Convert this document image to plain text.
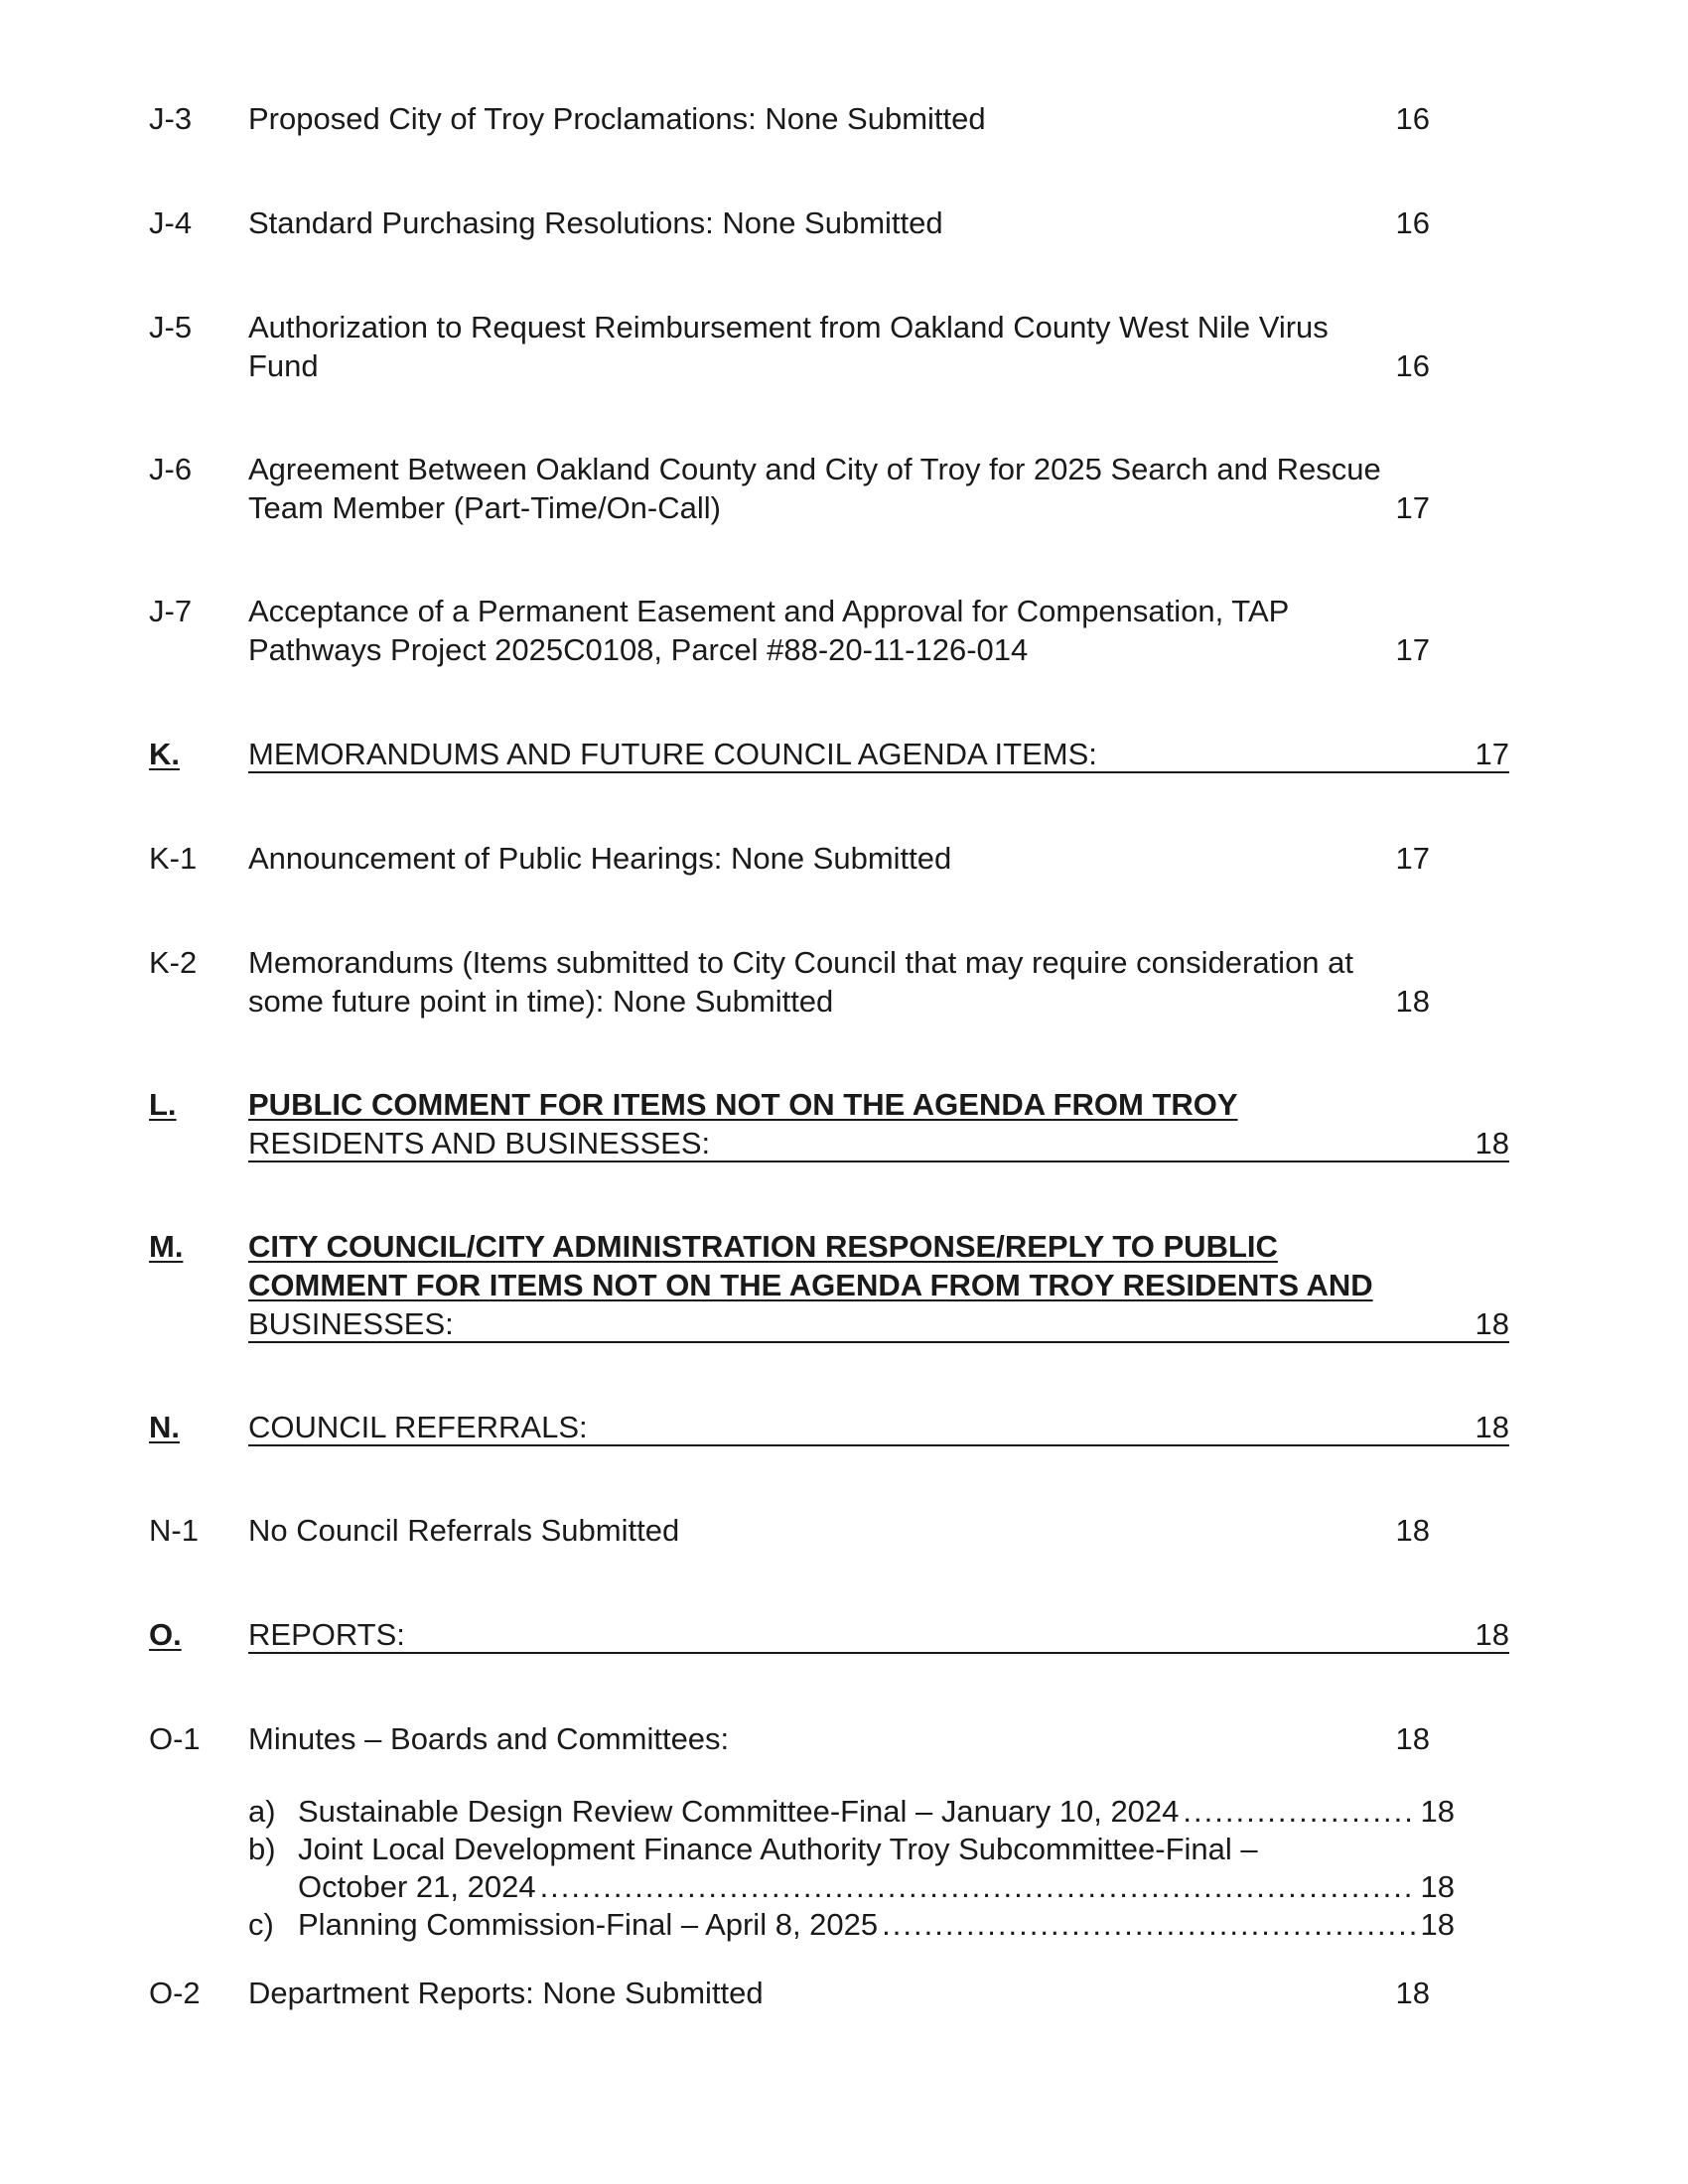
J-3 Proposed City of Troy Proclamations: None Submitted	16
J-4 Standard Purchasing Resolutions: None Submitted	16
J-5 Authorization to Request Reimbursement from Oakland County West Nile Virus
Fund	16
J-6 Agreement Between Oakland County and City of Troy for 2025 Search and Rescue
Team Member (Part-Time/On-Call)	17
J-7 Acceptance of a Permanent Easement and Approval for Compensation, TAP
Pathways Project 2025C0108, Parcel #88-20-11-126-014	17
K. MEMORANDUMS AND FUTURE COUNCIL AGENDA ITEMS:	17
K-1 Announcement of Public Hearings: None Submitted	17
K-2 Memorandums (Items submitted to City Council that may require consideration at
some future point in time): None Submitted	18
L. PUBLIC COMMENT FOR ITEMS NOT ON THE AGENDA FROM TROY
RESIDENTS AND BUSINESSES:	18
M. CITY COUNCIL/CITY ADMINISTRATION RESPONSE/REPLY TO PUBLIC
COMMENT FOR ITEMS NOT ON THE AGENDA FROM TROY RESIDENTS AND
BUSINESSES:	18
N. COUNCIL REFERRALS:	18
N-1 No Council Referrals Submitted	18
O. REPORTS:	18
O-1 Minutes – Boards and Committees:	18
a) Sustainable Design Review Committee-Final – January 10, 2024 .....	18
b) Joint Local Development Finance Authority Troy Subcommittee-Final –
October 21, 2024 .....	18
c) Planning Commission-Final – April 8, 2025 .....	18
O-2 Department Reports: None Submitted	18
